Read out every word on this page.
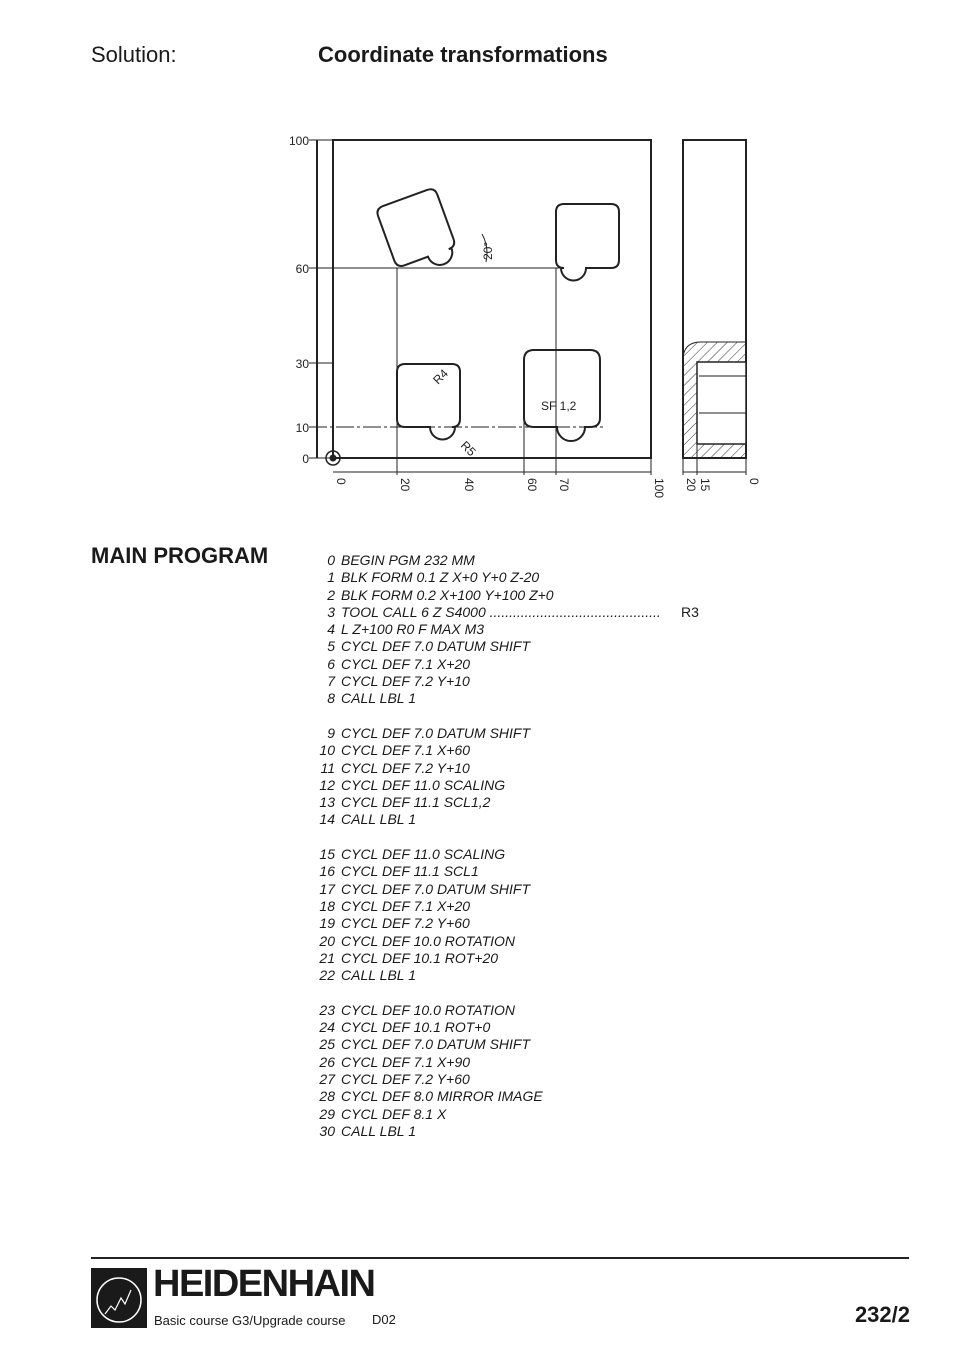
Solution:	Coordinate transformations
100
60
30
10
0
0	20	40	60 70	100 20 15	0
20°
R4
R5
SF 1,2
MAIN PROGRAM	0 BEGIN PGM 232 MM
1 BLK FORM 0.1 Z X+0 Y+0 Z-20
2 BLK FORM 0.2 X+100 Y+100 Z+0
3 TOOL CALL 6 Z S4000 ............................................ R3
4 L Z+100 R0 F MAX M3
5 CYCL DEF 7.0 DATUM SHIFT
6 CYCL DEF 7.1 X+20
7 CYCL DEF 7.2 Y+10
8 CALL LBL 1
9 CYCL DEF 7.0 DATUM SHIFT
10 CYCL DEF 7.1 X+60
11 CYCL DEF 7.2 Y+10
12 CYCL DEF 11.0 SCALING
13 CYCL DEF 11.1 SCL1,2
14 CALL LBL 1
15 CYCL DEF 11.0 SCALING
16 CYCL DEF 11.1 SCL1
17 CYCL DEF 7.0 DATUM SHIFT
18 CYCL DEF 7.1 X+20
19 CYCL DEF 7.2 Y+60
20 CYCL DEF 10.0 ROTATION
21 CYCL DEF 10.1 ROT+20
22 CALL LBL 1
23 CYCL DEF 10.0 ROTATION
24 CYCL DEF 10.1 ROT+0
25 CYCL DEF 7.0 DATUM SHIFT
26 CYCL DEF 7.1 X+90
27 CYCL DEF 7.2 Y+60
28 CYCL DEF 8.0 MIRROR IMAGE
29 CYCL DEF 8.1 X
30 CALL LBL 1
HEIDENHAIN
Basic course G3/Upgrade course D02	232/2
